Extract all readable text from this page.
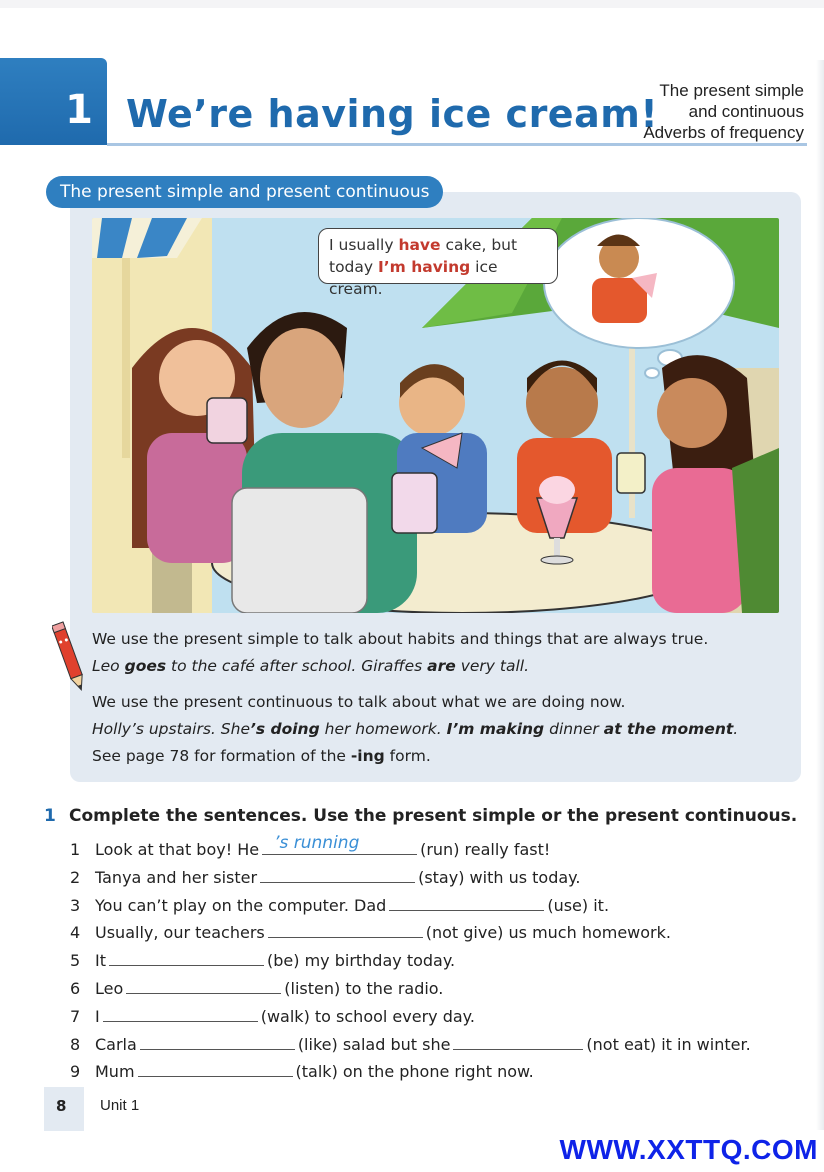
1 We’re having ice cream!
The present simple
and continuous
Adverbs of frequency
I usually have cake, but
today I’m having ice cream.
The present simple and present continuous

We use the present simple to talk about habits and things that are always true.

Leo goes to the café after school. Giraffes are very tall.

We use the present continuous to talk about what we are doing now.

Holly’s upstairs. She’s doing her homework. I’m making dinner at the moment.

See page 78 for formation of the -ing form.

1 Complete the sentences. Use the present simple or the present continuous.
1 Look at that boy! He ’s running	(run) really fast!
2 Tanya and her sister	(stay) with us today.
3 You can’t play on the computer. Dad	(use) it.
4 Usually, our teachers	(not give) us much homework.
5 It	(be) my birthday today.
6 Leo	(listen) to the radio.
7 I	(walk) to school every day.
8 Carla	(like) salad but she	(not eat) it in winter.
9 Mum	(talk) on the phone right now.
8 Unit 1
WWW.XXTTQ.COM
